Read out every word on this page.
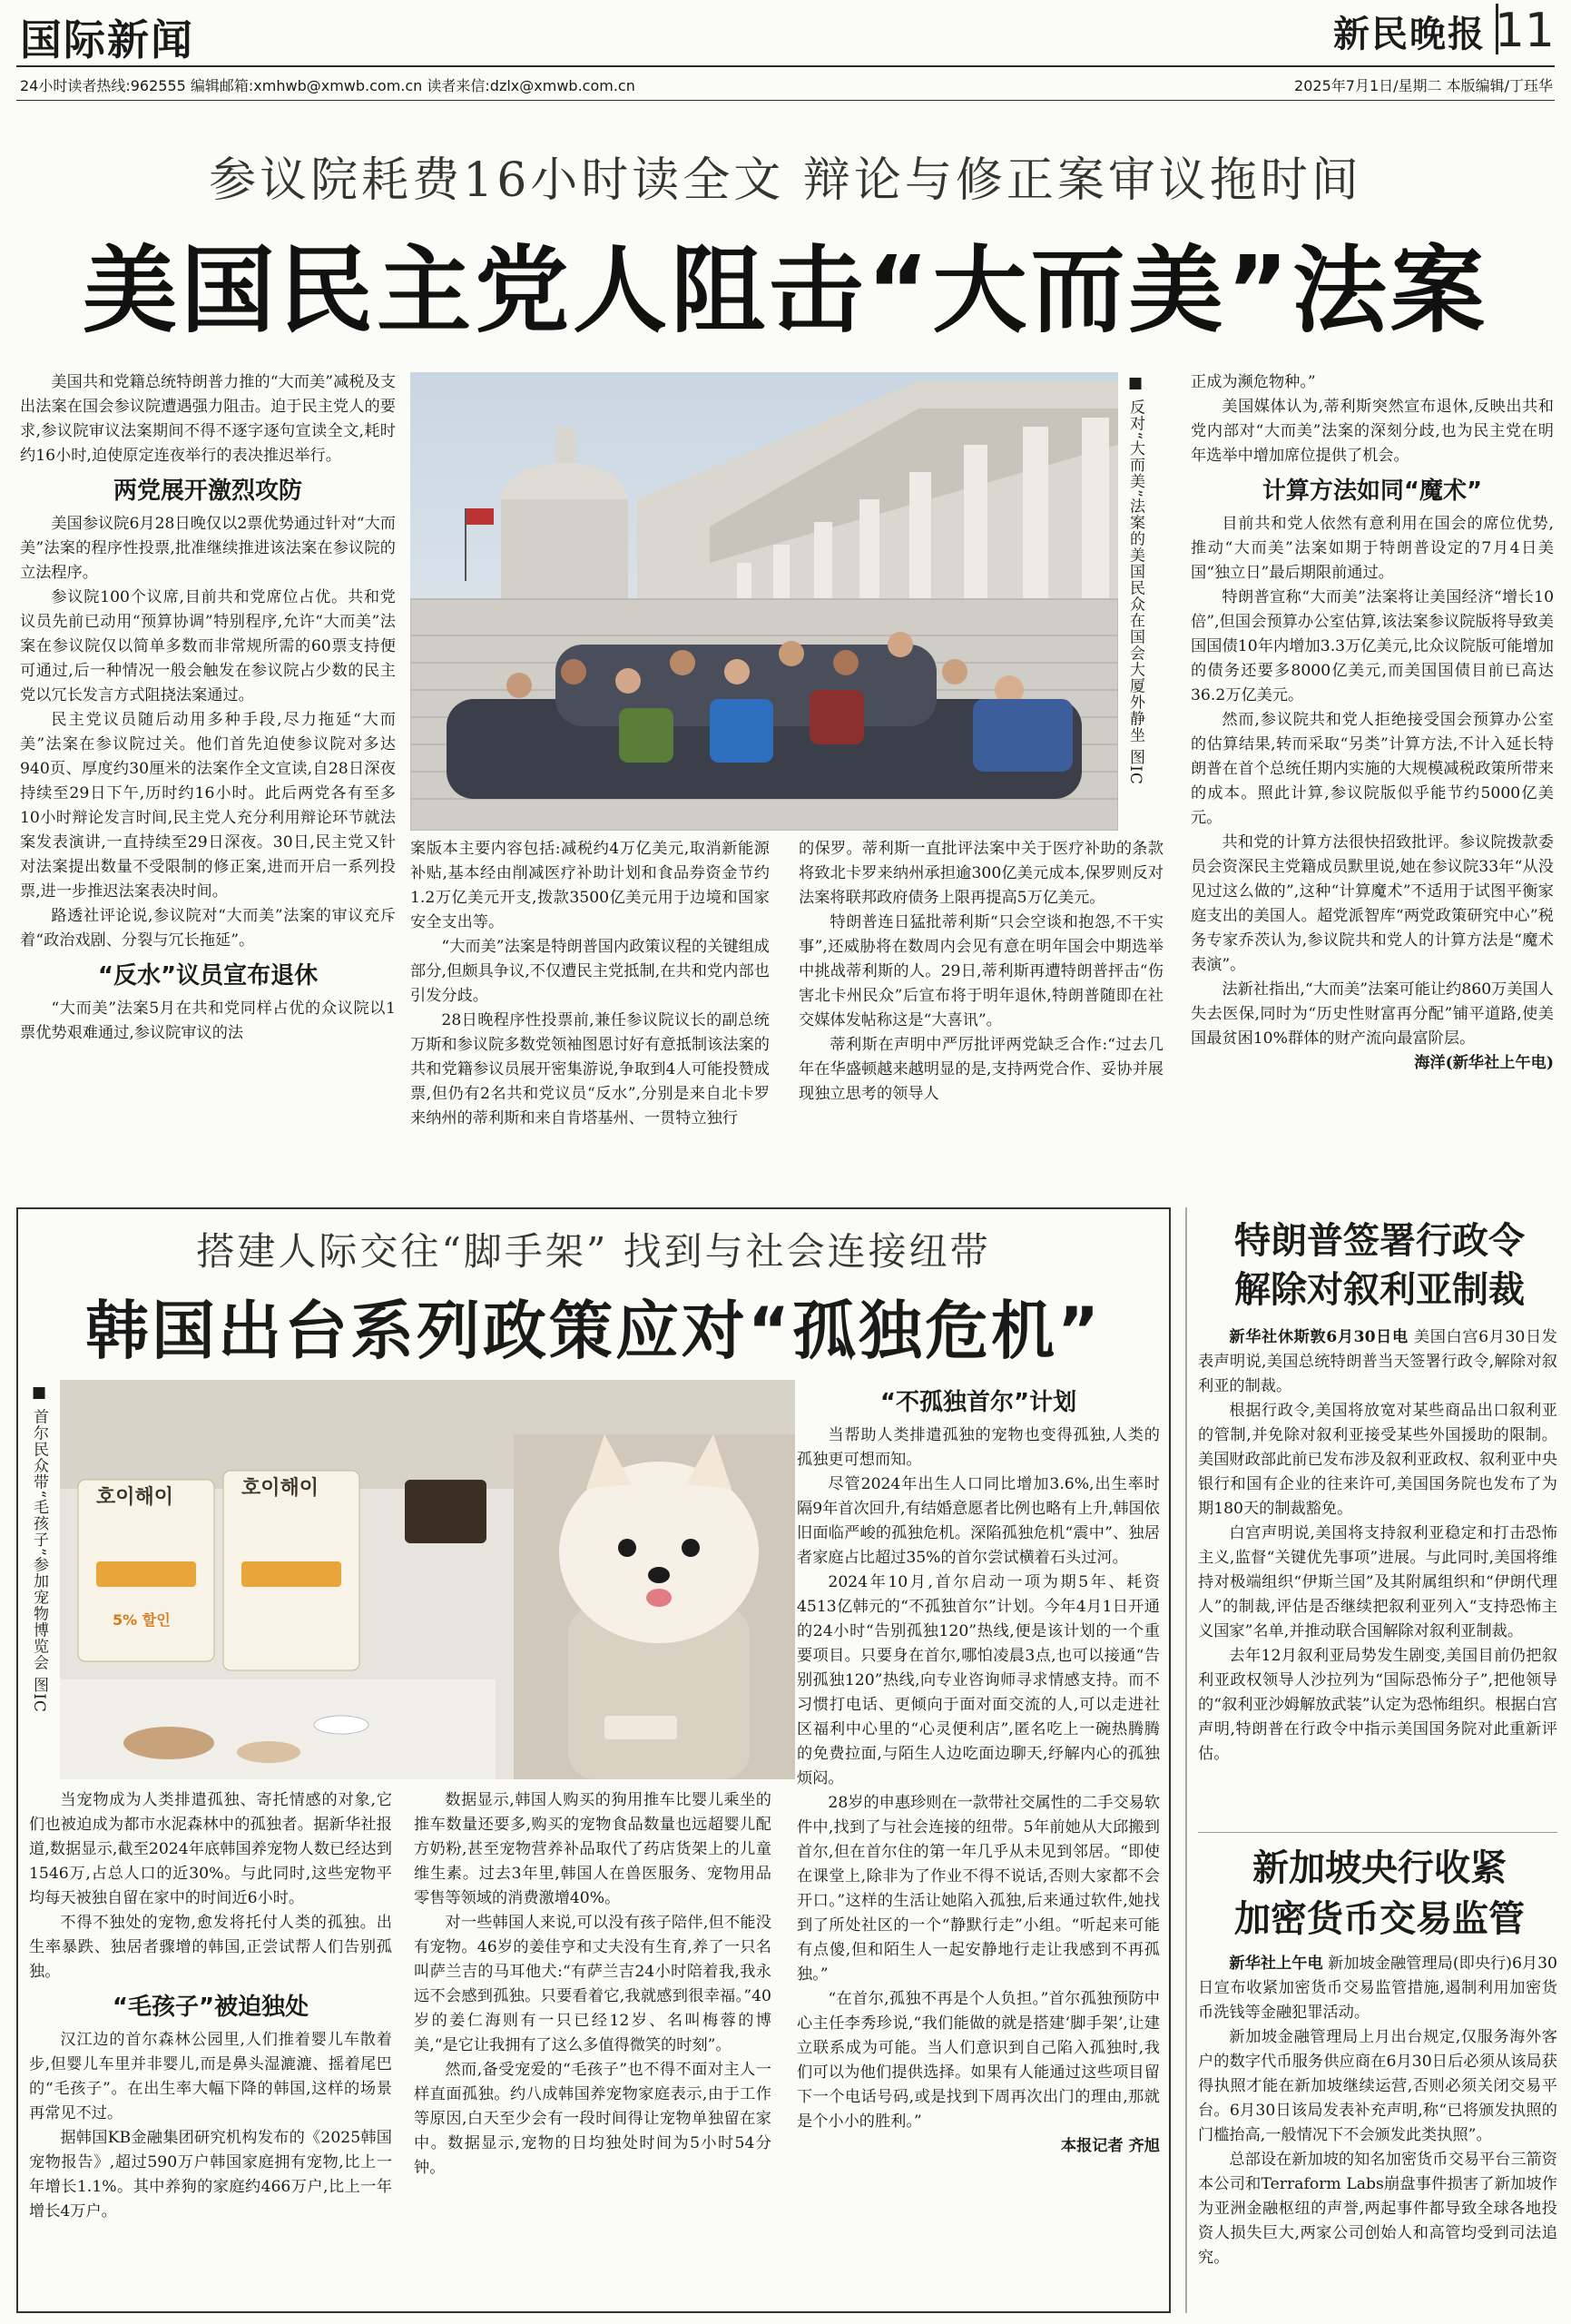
国际新闻	新民晚报 11
24小时读者热线:962555 编辑邮箱:xmhwb@xmwb.com.cn 读者来信:dzlx@xmwb.com.cn	2025年7月1日/星期二 本版编辑/丁珏华
参议院耗费16小时读全文 辩论与修正案审议拖时间
美国民主党人阻击“大而美”法案

美国共和党籍总统特朗普力推的“大而美”减税及支出法案在国会参议院遭遇强力阻击。迫于民主党人的要求,参议院审议法案期间不得不逐字逐句宣读全文,耗时约16小时,迫使原定连夜举行的表决推迟举行。

两党展开激烈攻防

美国参议院6月28日晚仅以2票优势通过针对“大而美”法案的程序性投票,批准继续推进该法案在参议院的立法程序。

参议院100个议席,目前共和党席位占优。共和党议员先前已动用“预算协调”特别程序,允许“大而美”法案在参议院仅以简单多数而非常规所需的60票支持便可通过,后一种情况一般会触发在参议院占少数的民主党以冗长发言方式阻挠法案通过。

民主党议员随后动用多种手段,尽力拖延“大而美”法案在参议院过关。他们首先迫使参议院对多达940页、厚度约30厘米的法案作全文宣读,自28日深夜持续至29日下午,历时约16小时。此后两党各有至多10小时辩论发言时间,民主党人充分利用辩论环节就法案发表演讲,一直持续至29日深夜。30日,民主党又针对法案提出数量不受限制的修正案,进而开启一系列投票,进一步推迟法案表决时间。

路透社评论说,参议院对“大而美”法案的审议充斥着“政治戏剧、分裂与冗长拖延”。

“反水”议员宣布退休

“大而美”法案5月在共和党同样占优的众议院以1票优势艰难通过,参议院审议的法

■ 反对“大而美”法案的美国民众在国会大厦外静坐 图IC

案版本主要内容包括:减税约4万亿美元,取消新能源补贴,基本经由削减医疗补助计划和食品券资金节约1.2万亿美元开支,拨款3500亿美元用于边境和国家安全支出等。

“大而美”法案是特朗普国内政策议程的关键组成部分,但颇具争议,不仅遭民主党抵制,在共和党内部也引发分歧。

28日晚程序性投票前,兼任参议院议长的副总统万斯和参议院多数党领袖图恩讨好有意抵制该法案的共和党籍参议员展开密集游说,争取到4人可能投赞成票,但仍有2名共和党议员“反水”,分别是来自北卡罗来纳州的蒂利斯和来自肯塔基州、一贯特立独行

的保罗。蒂利斯一直批评法案中关于医疗补助的条款将致北卡罗来纳州承担逾300亿美元成本,保罗则反对法案将联邦政府债务上限再提高5万亿美元。

特朗普连日猛批蒂利斯“只会空谈和抱怨,不干实事”,还威胁将在数周内会见有意在明年国会中期选举中挑战蒂利斯的人。29日,蒂利斯再遭特朗普抨击“伤害北卡州民众”后宣布将于明年退休,特朗普随即在社交媒体发帖称这是“大喜讯”。

蒂利斯在声明中严厉批评两党缺乏合作:“过去几年在华盛顿越来越明显的是,支持两党合作、妥协并展现独立思考的领导人

正成为濒危物种。”

美国媒体认为,蒂利斯突然宣布退休,反映出共和党内部对“大而美”法案的深刻分歧,也为民主党在明年选举中增加席位提供了机会。

计算方法如同“魔术”

目前共和党人依然有意利用在国会的席位优势,推动“大而美”法案如期于特朗普设定的7月4日美国“独立日”最后期限前通过。

特朗普宣称“大而美”法案将让美国经济“增长10倍”,但国会预算办公室估算,该法案参议院版将导致美国国债10年内增加3.3万亿美元,比众议院版可能增加的债务还要多8000亿美元,而美国国债目前已高达36.2万亿美元。

然而,参议院共和党人拒绝接受国会预算办公室的估算结果,转而采取“另类”计算方法,不计入延长特朗普在首个总统任期内实施的大规模减税政策所带来的成本。照此计算,参议院版似乎能节约5000亿美元。

共和党的计算方法很快招致批评。参议院拨款委员会资深民主党籍成员默里说,她在参议院33年“从没见过这么做的”,这种“计算魔术”不适用于试图平衡家庭支出的美国人。超党派智库“两党政策研究中心”税务专家乔茨认为,参议院共和党人的计算方法是“魔术表演”。

法新社指出,“大而美”法案可能让约860万美国人失去医保,同时为“历史性财富再分配”铺平道路,使美国最贫困10%群体的财产流向最富阶层。

海洋(新华社上午电)

搭建人际交往“脚手架” 找到与社会连接纽带
韩国出台系列政策应对“孤独危机”
■ 首尔民众带“毛孩子”参加宠物博览会 图IC 호이해이	호이해이
5% 할인

当宠物成为人类排遣孤独、寄托情感的对象,它们也被迫成为都市水泥森林中的孤独者。据新华社报道,数据显示,截至2024年底韩国养宠物人数已经达到1546万,占总人口的近30%。与此同时,这些宠物平均每天被独自留在家中的时间近6小时。

不得不独处的宠物,愈发将托付人类的孤独。出生率暴跌、独居者骤增的韩国,正尝试帮人们告别孤独。

“毛孩子”被迫独处

汉江边的首尔森林公园里,人们推着婴儿车散着步,但婴儿车里并非婴儿,而是鼻头湿漉漉、摇着尾巴的“毛孩子”。在出生率大幅下降的韩国,这样的场景再常见不过。

据韩国KB金融集团研究机构发布的《2025韩国宠物报告》,超过590万户韩国家庭拥有宠物,比上一年增长1.1%。其中养狗的家庭约466万户,比上一年增长4万户。

数据显示,韩国人购买的狗用推车比婴儿乘坐的推车数量还要多,购买的宠物食品数量也远超婴儿配方奶粉,甚至宠物营养补品取代了药店货架上的儿童维生素。过去3年里,韩国人在兽医服务、宠物用品零售等领域的消费激增40%。

对一些韩国人来说,可以没有孩子陪伴,但不能没有宠物。46岁的姜佳亨和丈夫没有生育,养了一只名叫萨兰吉的马耳他犬:“有萨兰吉24小时陪着我,我永远不会感到孤独。只要看着它,我就感到很幸福。”40岁的姜仁海则有一只已经12岁、名叫梅蓉的博美,“是它让我拥有了这么多值得微笑的时刻”。

然而,备受宠爱的“毛孩子”也不得不面对主人一样直面孤独。约八成韩国养宠物家庭表示,由于工作等原因,白天至少会有一段时间得让宠物单独留在家中。数据显示,宠物的日均独处时间为5小时54分钟。

“不孤独首尔”计划

当帮助人类排遣孤独的宠物也变得孤独,人类的孤独更可想而知。

尽管2024年出生人口同比增加3.6%,出生率时隔9年首次回升,有结婚意愿者比例也略有上升,韩国依旧面临严峻的孤独危机。深陷孤独危机“震中”、独居者家庭占比超过35%的首尔尝试横着石头过河。

2024年10月,首尔启动一项为期5年、耗资4513亿韩元的“不孤独首尔”计划。今年4月1日开通的24小时“告别孤独120”热线,便是该计划的一个重要项目。只要身在首尔,哪怕凌晨3点,也可以接通“告别孤独120”热线,向专业咨询师寻求情感支持。而不习惯打电话、更倾向于面对面交流的人,可以走进社区福利中心里的“心灵便利店”,匿名吃上一碗热腾腾的免费拉面,与陌生人边吃面边聊天,纾解内心的孤独烦闷。

28岁的申惠珍则在一款带社交属性的二手交易软件中,找到了与社会连接的纽带。5年前她从大邱搬到首尔,但在首尔住的第一年几乎从未见到邻居。“即使在课堂上,除非为了作业不得不说话,否则大家都不会开口。”这样的生活让她陷入孤独,后来通过软件,她找到了所处社区的一个“静默行走”小组。“听起来可能有点傻,但和陌生人一起安静地行走让我感到不再孤独。”

“在首尔,孤独不再是个人负担。”首尔孤独预防中心主任李秀珍说,“我们能做的就是搭建‘脚手架’,让建立联系成为可能。当人们意识到自己陷入孤独时,我们可以为他们提供选择。如果有人能通过这些项目留下一个电话号码,或是找到下周再次出门的理由,那就是个小小的胜利。”

本报记者 齐旭

特朗普签署行政令
解除对叙利亚制裁

新华社休斯敦6月30日电 美国白宫6月30日发表声明说,美国总统特朗普当天签署行政令,解除对叙利亚的制裁。

根据行政令,美国将放宽对某些商品出口叙利亚的管制,并免除对叙利亚接受某些外国援助的限制。美国财政部此前已发布涉及叙利亚政权、叙利亚中央银行和国有企业的往来许可,美国国务院也发布了为期180天的制裁豁免。

白宫声明说,美国将支持叙利亚稳定和打击恐怖主义,监督“关键优先事项”进展。与此同时,美国将维持对极端组织“伊斯兰国”及其附属组织和“伊朗代理人”的制裁,评估是否继续把叙利亚列入“支持恐怖主义国家”名单,并推动联合国解除对叙利亚制裁。

去年12月叙利亚局势发生剧变,美国目前仍把叙利亚政权领导人沙拉列为“国际恐怖分子”,把他领导的“叙利亚沙姆解放武装”认定为恐怖组织。根据白宫声明,特朗普在行政令中指示美国国务院对此重新评估。

新加坡央行收紧
加密货币交易监管

新华社上午电 新加坡金融管理局(即央行)6月30日宣布收紧加密货币交易监管措施,遏制利用加密货币洗钱等金融犯罪活动。

新加坡金融管理局上月出台规定,仅服务海外客户的数字代币服务供应商在6月30日后必须从该局获得执照才能在新加坡继续运营,否则必须关闭交易平台。6月30日该局发表补充声明,称“已将颁发执照的门槛抬高,一般情况下不会颁发此类执照”。

总部设在新加坡的知名加密货币交易平台三箭资本公司和Terraform Labs崩盘事件损害了新加坡作为亚洲金融枢纽的声誉,两起事件都导致全球各地投资人损失巨大,两家公司创始人和高管均受到司法追究。
